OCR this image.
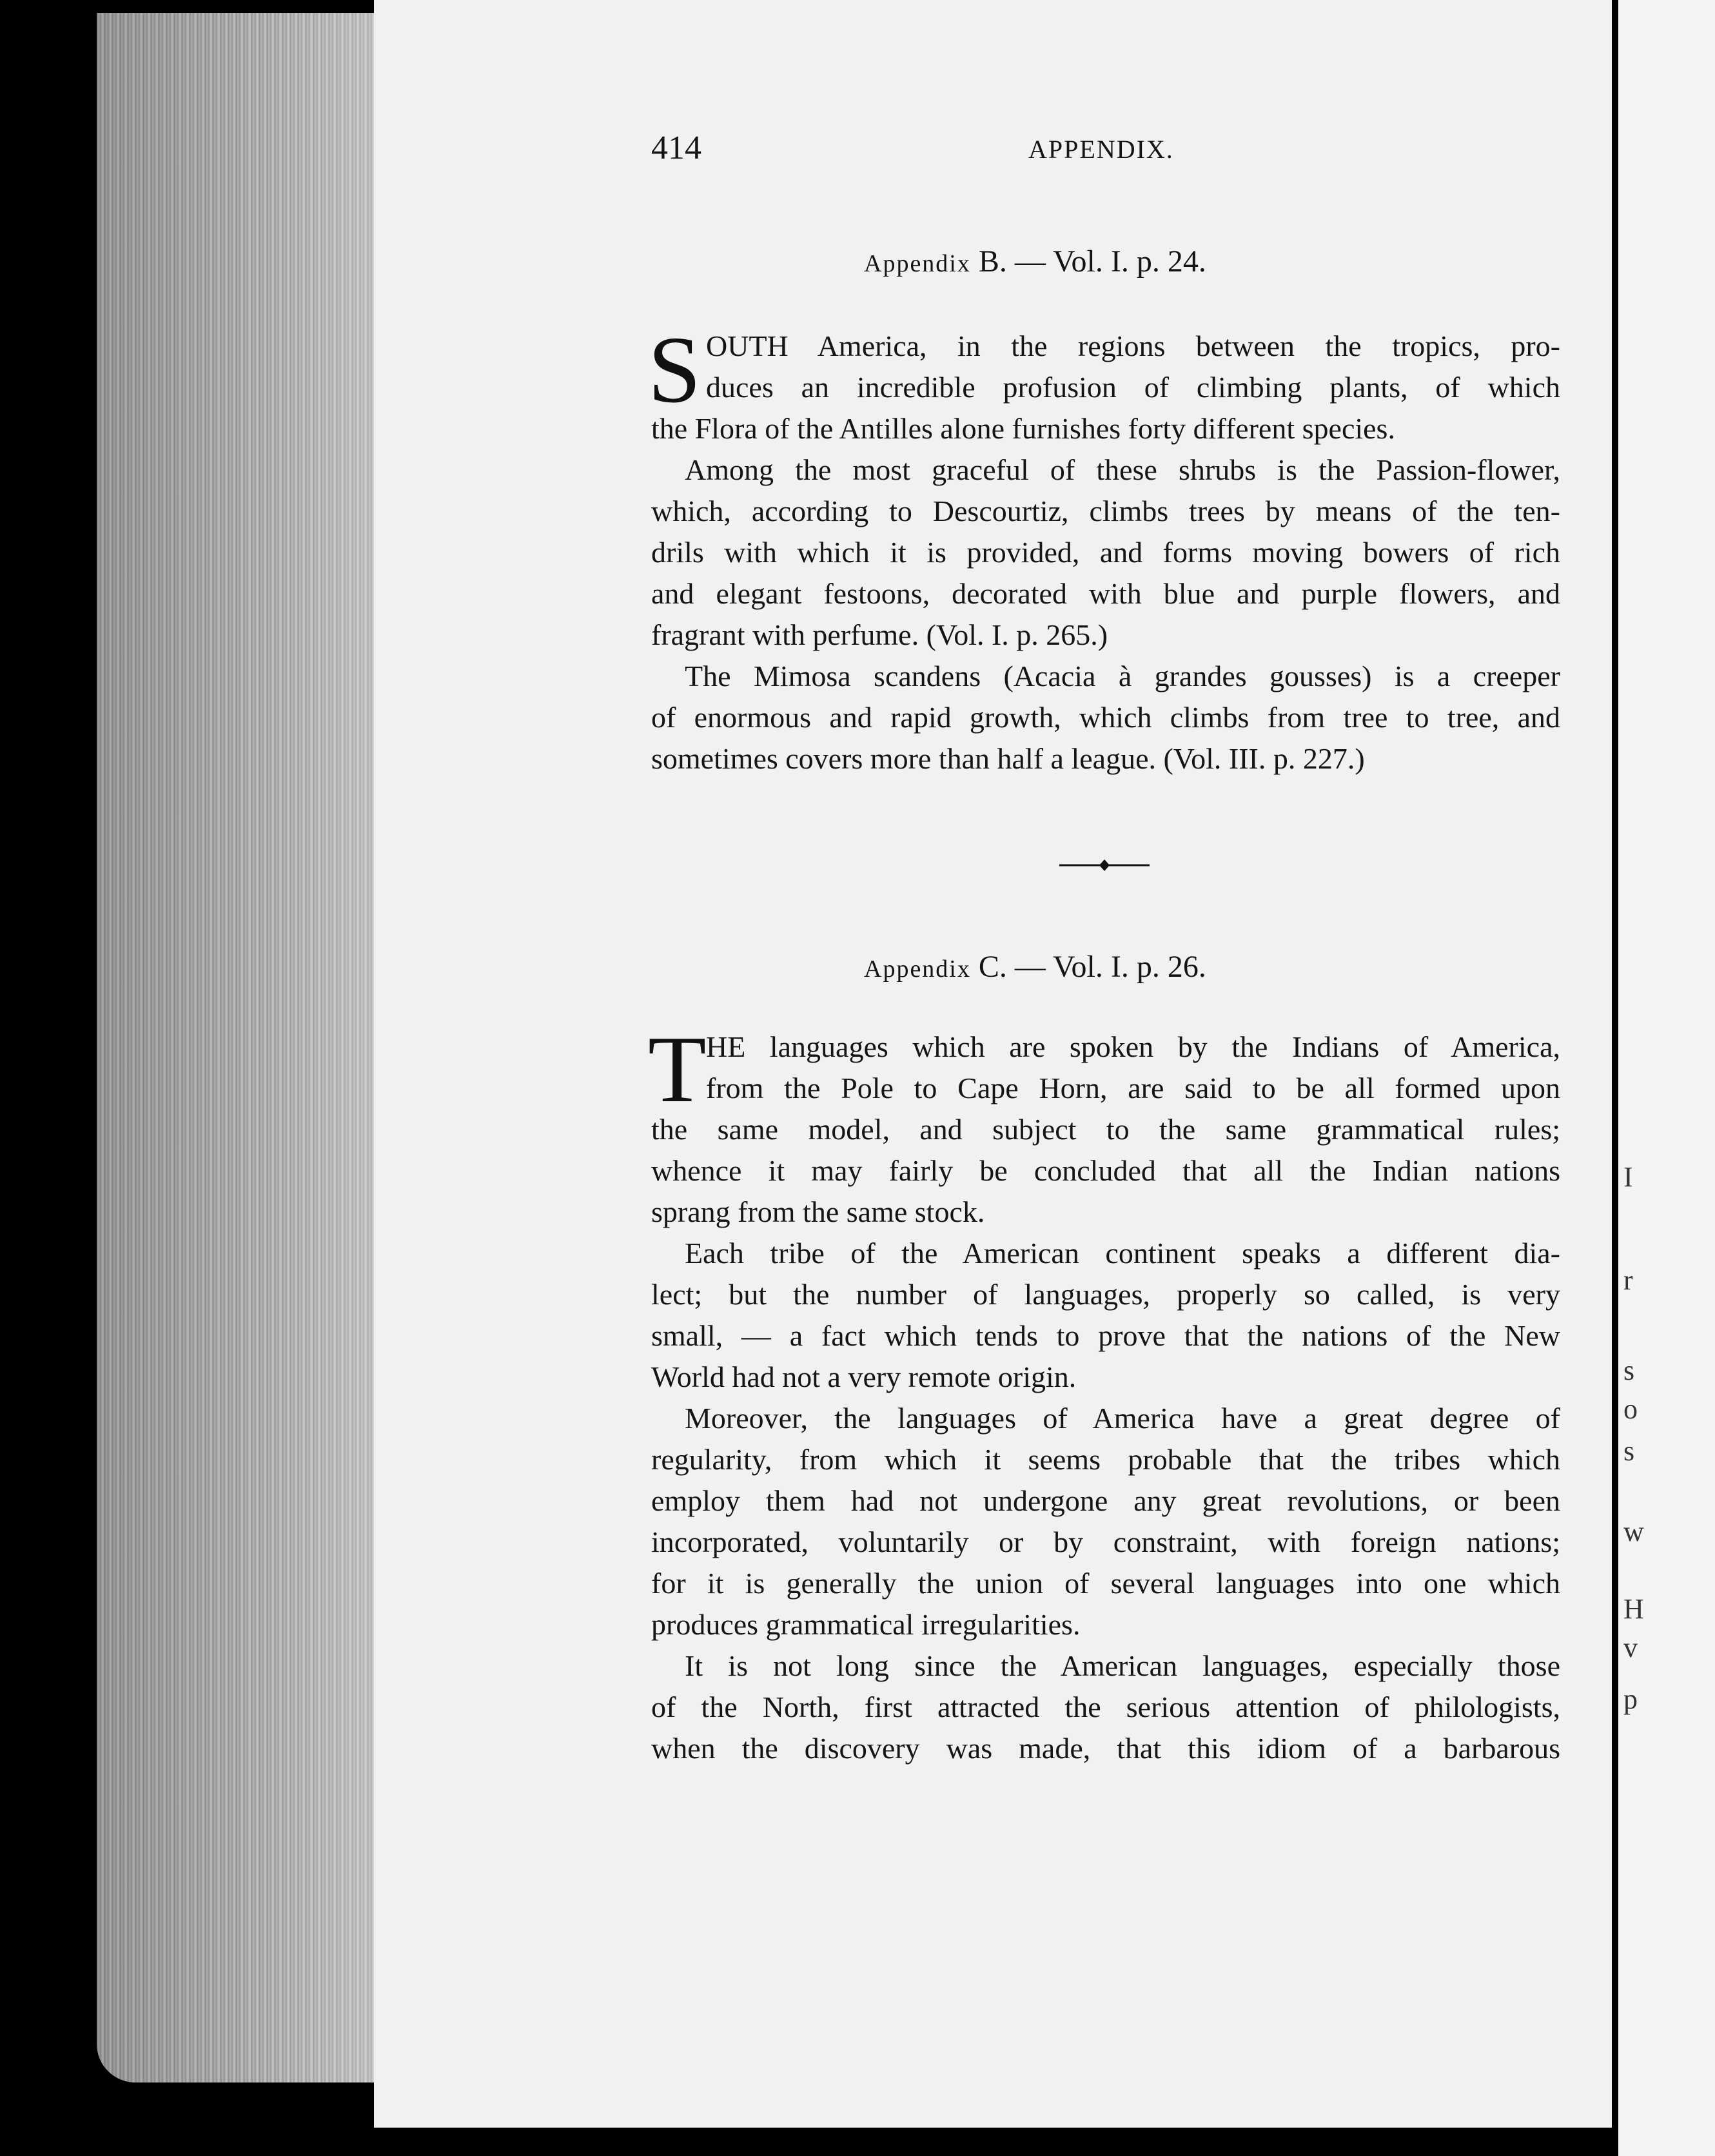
I
r
s
o
s
w
H
v
p
414	APPENDIX.
Appendix B. — Vol. I. p. 24.
S OUTH America, in the regions between the tropics, pro-
duces an incredible profusion of climbing plants, of which
the Flora of the Antilles alone furnishes forty different species.
Among the most graceful of these shrubs is the Passion-flower,
which, according to Descourtiz, climbs trees by means of the ten-
drils with which it is provided, and forms moving bowers of rich
and elegant festoons, decorated with blue and purple flowers, and
fragrant with perfume. (Vol. I. p. 265.)
The Mimosa scandens (Acacia à grandes gousses) is a creeper
of enormous and rapid growth, which climbs from tree to tree, and
sometimes covers more than half a league. (Vol. III. p. 227.)
Appendix C. — Vol. I. p. 26.
T HE languages which are spoken by the Indians of America,
from the Pole to Cape Horn, are said to be all formed upon
the same model, and subject to the same grammatical rules;
whence it may fairly be concluded that all the Indian nations
sprang from the same stock.
Each tribe of the American continent speaks a different dia-
lect; but the number of languages, properly so called, is very
small, — a fact which tends to prove that the nations of the New
World had not a very remote origin.
Moreover, the languages of America have a great degree of
regularity, from which it seems probable that the tribes which
employ them had not undergone any great revolutions, or been
incorporated, voluntarily or by constraint, with foreign nations;
for it is generally the union of several languages into one which
produces grammatical irregularities.
It is not long since the American languages, especially those
of the North, first attracted the serious attention of philologists,
when the discovery was made, that this idiom of a barbarous
